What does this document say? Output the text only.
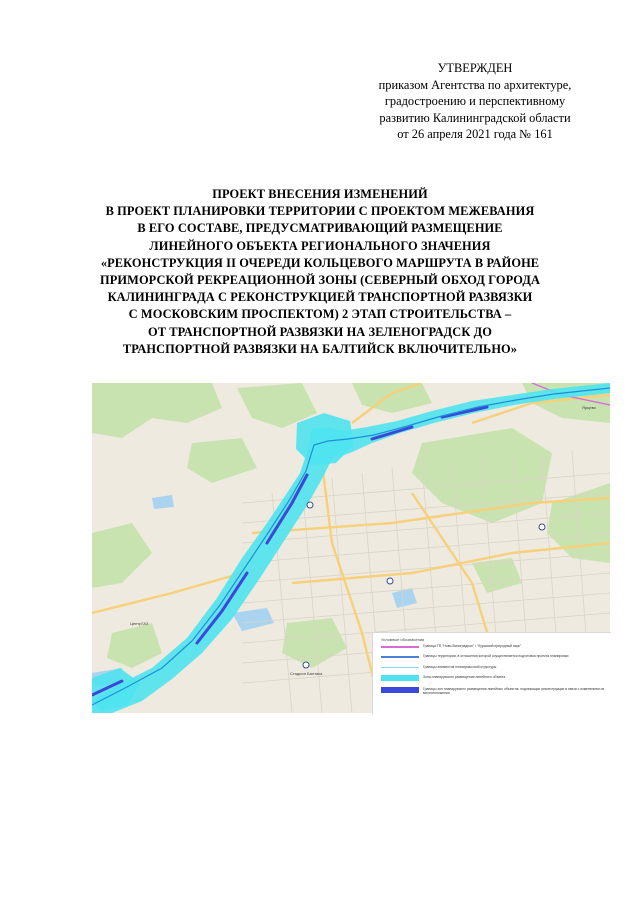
УТВЕРЖДЕН
приказом Агентства по архитектуре,
градостроению и перспективному
развитию Калининградской области
от 26 апреля 2021 года № 161
ПРОЕКТ ВНЕСЕНИЯ ИЗМЕНЕНИЙ
В ПРОЕКТ ПЛАНИРОВКИ ТЕРРИТОРИИ С ПРОЕКТОМ МЕЖЕВАНИЯ
В ЕГО СОСТАВЕ, ПРЕДУСМАТРИВАЮЩИЙ РАЗМЕЩЕНИЕ
ЛИНЕЙНОГО ОБЪЕКТА РЕГИОНАЛЬНОГО ЗНАЧЕНИЯ
«РЕКОНСТРУКЦИЯ II ОЧЕРЕДИ КОЛЬЦЕВОГО МАРШРУТА В РАЙОНЕ
ПРИМОРСКОЙ РЕКРЕАЦИОННОЙ ЗОНЫ (СЕВЕРНЫЙ ОБХОД ГОРОДА
КАЛИНИНГРАДА С РЕКОНСТРУКЦИЕЙ ТРАНСПОРТНОЙ РАЗВЯЗКИ
С МОСКОВСКИМ ПРОСПЕКТОМ) 2 ЭТАП СТРОИТЕЛЬСТВА –
ОТ ТРАНСПОРТНОЙ РАЗВЯЗКИ НА ЗЕЛЕНОГРАДСК ДО
ТРАНСПОРТНОЙ РАЗВЯЗКИ НА БАЛТИЙСК ВКЛЮЧИТЕЛЬНО»
Ярцево
ЦентрГАЗ
Стадион Балтика
Условные обозначения
Граница ГП "Ново-Виноградное" / "Куршский природный парк"
Границы территории, в отношении которой осуществляется подготовка проекта планировки
Границы элементов планировочной структуры
Зона планируемого размещения линейного объекта
Границы зон планируемого размещения линейных объектов, подлежащих реконструкции в связи с изменением их местоположения
